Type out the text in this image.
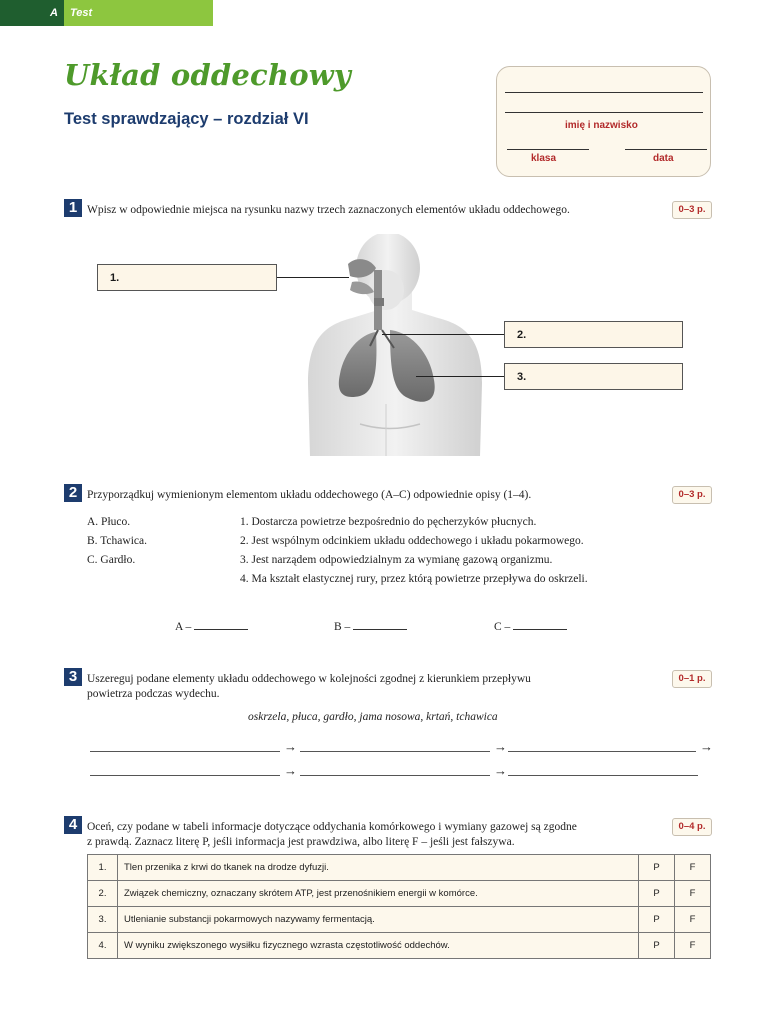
A	Test
Układ oddechowy
Test sprawdzający – rozdział VI	imię i nazwisko
klasa	data
1 Wpisz w odpowiednie miejsca na rysunku nazwy trzech zaznaczonych elementów układu oddechowego.	0–3 p.
1.
2.
3.
2 Przyporządkuj wymienionym elementom układu oddechowego (A–C) odpowiednie opisy (1–4).	0–3 p.
A. Płuco.
B. Tchawica.
C. Gardło.
1. Dostarcza powietrze bezpośrednio do pęcherzyków płucnych.
2. Jest wspólnym odcinkiem układu oddechowego i układu pokarmowego.
3. Jest narządem odpowiedzialnym za wymianę gazową organizmu.
4. Ma kształt elastycznej rury, przez którą powietrze przepływa do oskrzeli.
A –	B –	C –
3 Uszereguj podane elementy układu oddechowego w kolejności zgodnej z kierunkiem przepływu
powietrza podczas wydechu.
0–1 p.
oskrzela, płuca, gardło, jama nosowa, krtań, tchawica
→	→	→
→	→
4 Oceń, czy podane w tabeli informacje dotyczące oddychania komórkowego i wymiany gazowej są zgodne
z prawdą. Zaznacz literę P, jeśli informacja jest prawdziwa, albo literę F – jeśli jest fałszywa.
0–4 p.
1.	Tlen przenika z krwi do tkanek na drodze dyfuzji.	P	F
2.	Związek chemiczny, oznaczany skrótem ATP, jest przenośnikiem energii w komórce.	P	F
3.	Utlenianie substancji pokarmowych nazywamy fermentacją.	P	F
4.	W wyniku zwiększonego wysiłku fizycznego wzrasta częstotliwość oddechów.	P	F
